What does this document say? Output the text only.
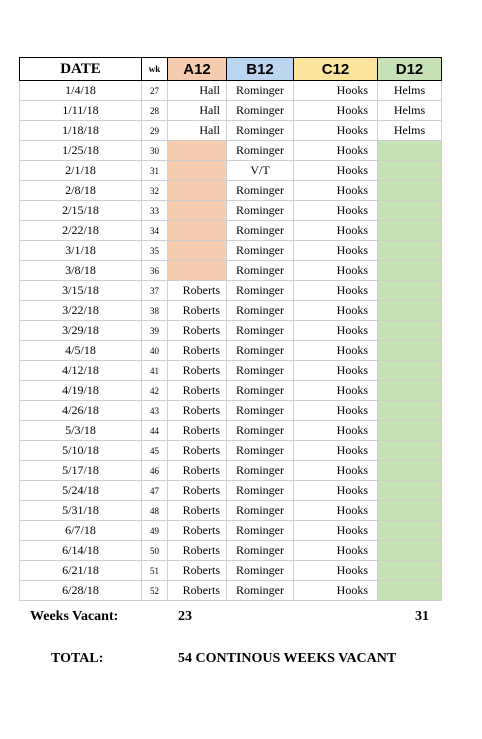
DATE	wk	A12	B12	C12	D12
1/4/18	27	Hall	Rominger	Hooks	Helms
1/11/18	28	Hall	Rominger	Hooks	Helms
1/18/18	29	Hall	Rominger	Hooks	Helms
1/25/18	30		Rominger	Hooks	
2/1/18	31		V/T	Hooks	
2/8/18	32		Rominger	Hooks	
2/15/18	33		Rominger	Hooks	
2/22/18	34		Rominger	Hooks	
3/1/18	35		Rominger	Hooks	
3/8/18	36		Rominger	Hooks	
3/15/18	37	Roberts	Rominger	Hooks	
3/22/18	38	Roberts	Rominger	Hooks	
3/29/18	39	Roberts	Rominger	Hooks	
4/5/18	40	Roberts	Rominger	Hooks	
4/12/18	41	Roberts	Rominger	Hooks	
4/19/18	42	Roberts	Rominger	Hooks	
4/26/18	43	Roberts	Rominger	Hooks	
5/3/18	44	Roberts	Rominger	Hooks	
5/10/18	45	Roberts	Rominger	Hooks	
5/17/18	46	Roberts	Rominger	Hooks	
5/24/18	47	Roberts	Rominger	Hooks	
5/31/18	48	Roberts	Rominger	Hooks	
6/7/18	49	Roberts	Rominger	Hooks	
6/14/18	50	Roberts	Rominger	Hooks	
6/21/18	51	Roberts	Rominger	Hooks	
6/28/18	52	Roberts	Rominger	Hooks	
Weeks Vacant:	23	31
TOTAL:	54 CONTINOUS WEEKS VACANT
